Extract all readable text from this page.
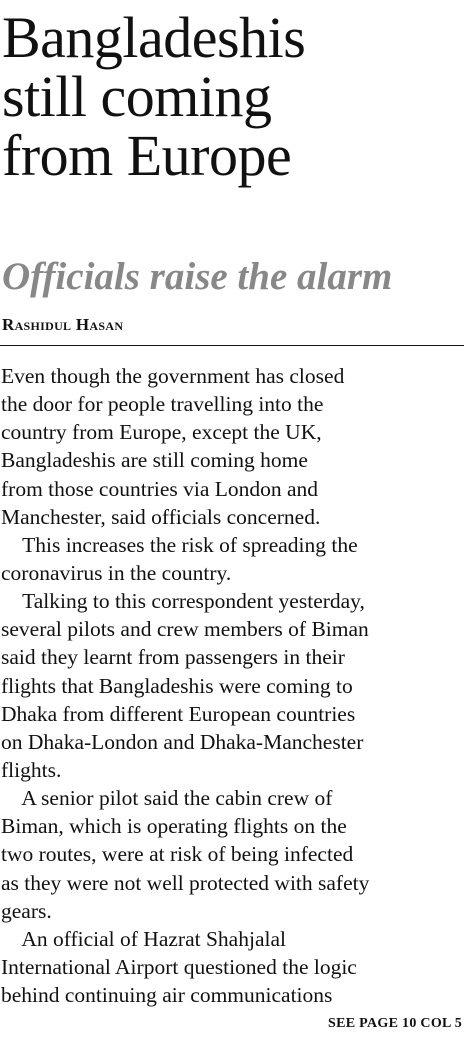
Bangladeshis
still coming
from Europe
Officials raise the alarm

Rashidul Hasan

Even though the government has closed
the door for people travelling into the
country from Europe, except the UK,
Bangladeshis are still coming home
from those countries via London and
Manchester, said officials concerned.
This increases the risk of spreading the
coronavirus in the country.
Talking to this correspondent yesterday,
several pilots and crew members of Biman
said they learnt from passengers in their
flights that Bangladeshis were coming to
Dhaka from different European countries
on Dhaka-London and Dhaka-Manchester
flights.
A senior pilot said the cabin crew of
Biman, which is operating flights on the
two routes, were at risk of being infected
as they were not well protected with safety
gears.
An official of Hazrat Shahjalal
International Airport questioned the logic
behind continuing air communications

SEE PAGE 10 COL 5
